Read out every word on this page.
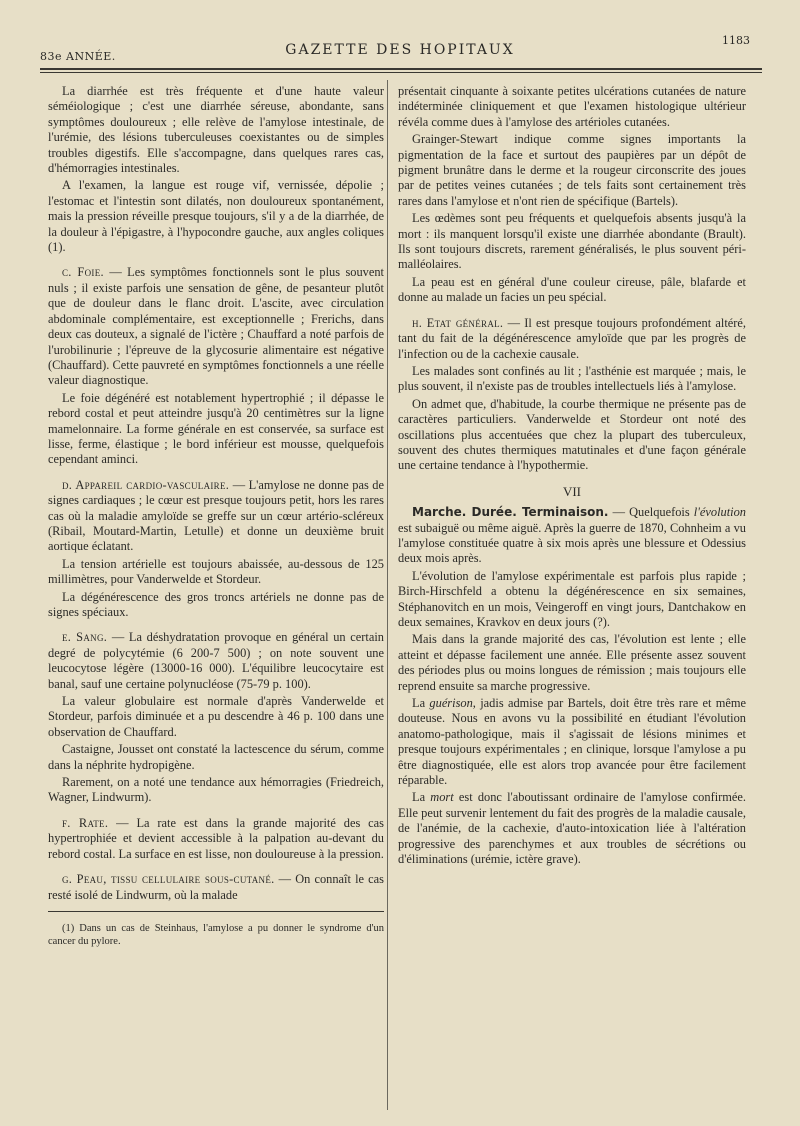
83e ANNÉE.	GAZETTE DES HOPITAUX
1183

La diarrhée est très fréquente et d'une haute valeur séméiologique ; c'est une diarrhée séreuse, abondante, sans symptômes douloureux ; elle relève de l'amylose intestinale, de l'urémie, des lésions tuberculeuses coexistantes ou de simples troubles digestifs. Elle s'accompagne, dans quelques rares cas, d'hémorragies intestinales.

A l'examen, la langue est rouge vif, vernissée, dépolie ; l'estomac et l'intestin sont dilatés, non douloureux spontanément, mais la pression réveille presque toujours, s'il y a de la diarrhée, de la douleur à l'épigastre, à l'hypocondre gauche, aux angles coliques (1).

c. Foie. — Les symptômes fonctionnels sont le plus souvent nuls ; il existe parfois une sensation de gêne, de pesanteur plutôt que de douleur dans le flanc droit. L'ascite, avec circulation abdominale complémentaire, est exceptionnelle ; Frerichs, dans deux cas douteux, a signalé de l'ictère ; Chauffard a noté parfois de l'urobilinurie ; l'épreuve de la glycosurie alimentaire est négative (Chauffard). Cette pauvreté en symptômes fonctionnels a une réelle valeur diagnostique.

Le foie dégénéré est notablement hypertrophié ; il dépasse le rebord costal et peut atteindre jusqu'à 20 centimètres sur la ligne mamelonnaire. La forme générale en est conservée, sa surface est lisse, ferme, élastique ; le bord inférieur est mousse, quelquefois cependant aminci.

d. Appareil cardio-vasculaire. — L'amylose ne donne pas de signes cardiaques ; le cœur est presque toujours petit, hors les rares cas où la maladie amyloïde se greffe sur un cœur artério-scléreux (Ribail, Moutard-Martin, Letulle) et donne un deuxième bruit aortique éclatant.

La tension artérielle est toujours abaissée, au-dessous de 125 millimètres, pour Vanderwelde et Stordeur.

La dégénérescence des gros troncs artériels ne donne pas de signes spéciaux.

e. Sang. — La déshydratation provoque en général un certain degré de polycytémie (6 200-7 500) ; on note souvent une leucocytose légère (13000-16 000). L'équilibre leucocytaire est banal, sauf une certaine polynucléose (75-79 p. 100).

La valeur globulaire est normale d'après Vanderwelde et Stordeur, parfois diminuée et a pu descendre à 46 p. 100 dans une observation de Chauffard.

Castaigne, Jousset ont constaté la lactescence du sérum, comme dans la néphrite hydropigène.

Rarement, on a noté une tendance aux hémorragies (Friedreich, Wagner, Lindwurm).

f. Rate. — La rate est dans la grande majorité des cas hypertrophiée et devient accessible à la palpation au-devant du rebord costal. La surface en est lisse, non douloureuse à la pression.

g. Peau, tissu cellulaire sous-cutané. — On connaît le cas resté isolé de Lindwurm, où la malade

(1) Dans un cas de Steinhaus, l'amylose a pu donner le syndrome d'un cancer du pylore.

présentait cinquante à soixante petites ulcérations cutanées de nature indéterminée cliniquement et que l'examen histologique ultérieur révéla comme dues à l'amylose des artérioles cutanées.

Grainger-Stewart indique comme signes importants la pigmentation de la face et surtout des paupières par un dépôt de pigment brunâtre dans le derme et la rougeur circonscrite des joues par de petites veines cutanées ; de tels faits sont certainement très rares dans l'amylose et n'ont rien de spécifique (Bartels).

Les œdèmes sont peu fréquents et quelquefois absents jusqu'à la mort : ils manquent lorsqu'il existe une diarrhée abondante (Brault). Ils sont toujours discrets, rarement généralisés, le plus souvent péri-malléolaires.

La peau est en général d'une couleur cireuse, pâle, blafarde et donne au malade un facies un peu spécial.

h. Etat général. — Il est presque toujours profondément altéré, tant du fait de la dégénérescence amyloïde que par les progrès de l'infection ou de la cachexie causale.

Les malades sont confinés au lit ; l'asthénie est marquée ; mais, le plus souvent, il n'existe pas de troubles intellectuels liés à l'amylose.

On admet que, d'habitude, la courbe thermique ne présente pas de caractères particuliers. Vanderwelde et Stordeur ont noté des oscillations plus accentuées que chez la plupart des tuberculeux, souvent des chutes thermiques matutinales et d'une façon générale une certaine tendance à l'hypothermie.

VII

Marche. Durée. Terminaison. — Quelquefois l'évolution est subaiguë ou même aiguë. Après la guerre de 1870, Cohnheim a vu l'amylose constituée quatre à six mois après une blessure et Odessius deux mois après.

L'évolution de l'amylose expérimentale est parfois plus rapide ; Birch-Hirschfeld a obtenu la dégénérescence en six semaines, Stéphanovitch en un mois, Veingeroff en vingt jours, Dantchakow en deux semaines, Kravkov en deux jours (?).

Mais dans la grande majorité des cas, l'évolution est lente ; elle atteint et dépasse facilement une année. Elle présente assez souvent des périodes plus ou moins longues de rémission ; mais toujours elle reprend ensuite sa marche progressive.

La guérison, jadis admise par Bartels, doit être très rare et même douteuse. Nous en avons vu la possibilité en étudiant l'évolution anatomo-pathologique, mais il s'agissait de lésions minimes et presque toujours expérimentales ; en clinique, lorsque l'amylose a pu être diagnostiquée, elle est alors trop avancée pour être facilement réparable.

La mort est donc l'aboutissant ordinaire de l'amylose confirmée. Elle peut survenir lentement du fait des progrès de la maladie causale, de l'anémie, de la cachexie, d'auto-intoxication liée à l'altération progressive des parenchymes et aux troubles de sécrétions ou d'éliminations (urémie, ictère grave).
